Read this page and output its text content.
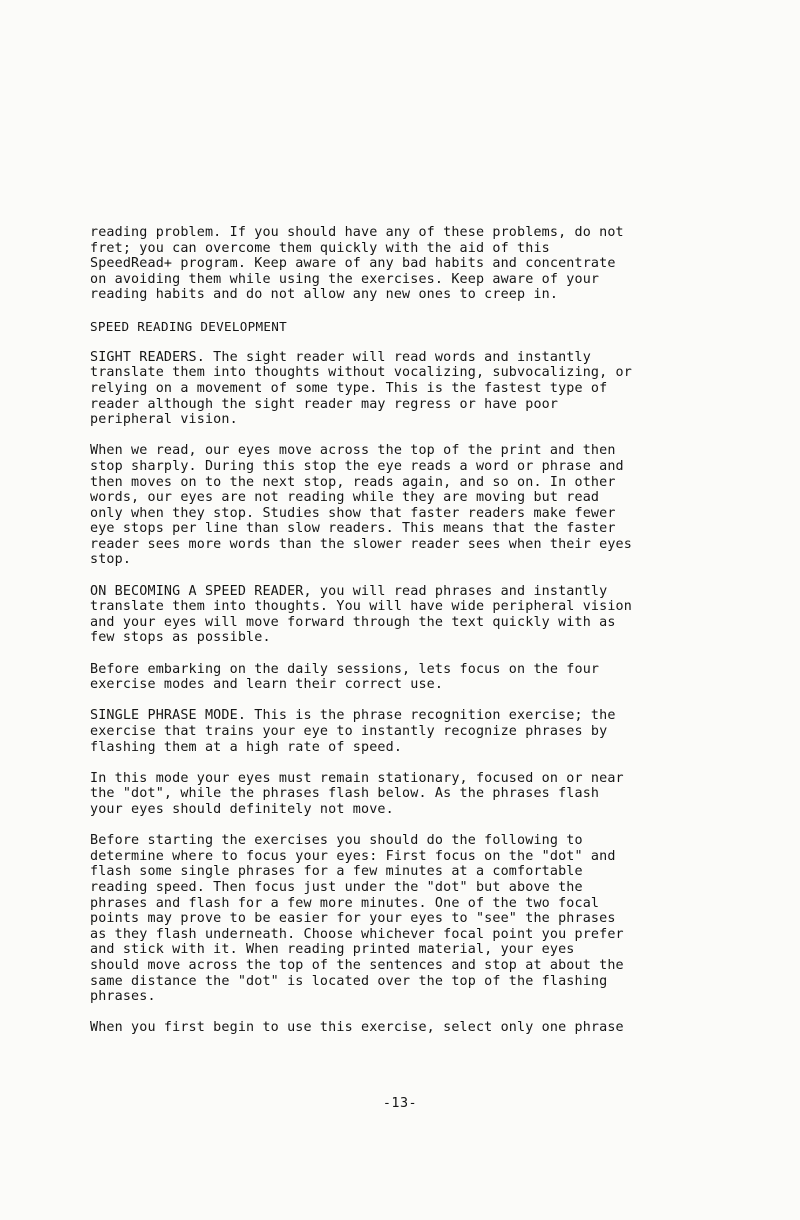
reading problem. If you should have any of these problems, do not
fret; you can overcome them quickly with the aid of this
SpeedRead+ program. Keep aware of any bad habits and concentrate
on avoiding them while using the exercises. Keep aware of your
reading habits and do not allow any new ones to creep in.

SPEED READING DEVELOPMENT

SIGHT READERS. The sight reader will read words and instantly
translate them into thoughts without vocalizing, subvocalizing, or
relying on a movement of some type. This is the fastest type of
reader although the sight reader may regress or have poor
peripheral vision.

When we read, our eyes move across the top of the print and then
stop sharply. During this stop the eye reads a word or phrase and
then moves on to the next stop, reads again, and so on. In other
words, our eyes are not reading while they are moving but read
only when they stop. Studies show that faster readers make fewer
eye stops per line than slow readers. This means that the faster
reader sees more words than the slower reader sees when their eyes
stop.

ON BECOMING A SPEED READER, you will read phrases and instantly
translate them into thoughts. You will have wide peripheral vision
and your eyes will move forward through the text quickly with as
few stops as possible.

Before embarking on the daily sessions, lets focus on the four
exercise modes and learn their correct use.

SINGLE PHRASE MODE. This is the phrase recognition exercise; the
exercise that trains your eye to instantly recognize phrases by
flashing them at a high rate of speed.

In this mode your eyes must remain stationary, focused on or near
the "dot", while the phrases flash below. As the phrases flash
your eyes should definitely not move.

Before starting the exercises you should do the following to
determine where to focus your eyes: First focus on the "dot" and
flash some single phrases for a few minutes at a comfortable
reading speed. Then focus just under the "dot" but above the
phrases and flash for a few more minutes. One of the two focal
points may prove to be easier for your eyes to "see" the phrases
as they flash underneath. Choose whichever focal point you prefer
and stick with it. When reading printed material, your eyes
should move across the top of the sentences and stop at about the
same distance the "dot" is located over the top of the flashing
phrases.

When you first begin to use this exercise, select only one phrase

-13-
